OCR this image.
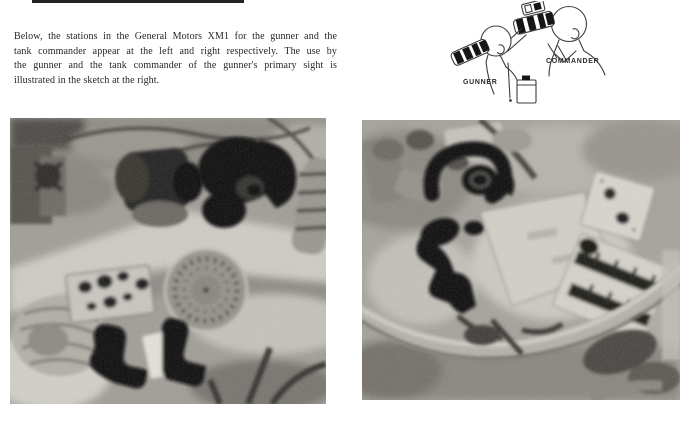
Below, the stations in the General Motors XM1 for the gunner and the
tank commander appear at the left and right respectively. The use by
the gunner and the tank commander of the gunner's primary sight is
illustrated in the sketch at the right.	GUNNER
COMMANDER
